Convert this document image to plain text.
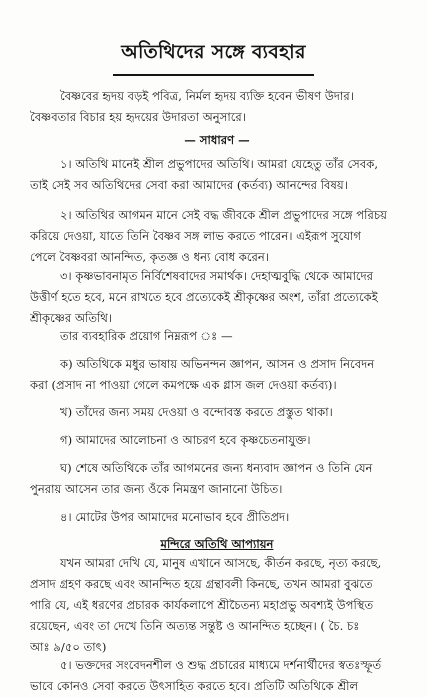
অতিথিদের সঙ্গে ব্যবহার
বৈষ্ণবের হৃদয় বড়ই পবিত্র, নির্মল হৃদয় ব্যক্তি হবেন ভীষণ উদার।
বৈষ্ণবতার বিচার হয় হৃদয়ের উদারতা অনুসারে।
— সাধারণ —
১। অতিথি মানেই শ্রীল প্রভুপাদের অতিথি। আমরা যেহেতু তাঁর সেবক,
তাই সেই সব অতিথিদের সেবা করা আমাদের (কর্তব্য) আনন্দের বিষয়।
২। অতিথির আগমন মানে সেই বদ্ধ জীবকে শ্রীল প্রভুপাদের সঙ্গে পরিচয়
করিয়ে দেওয়া, যাতে তিনি বৈষ্ণব সঙ্গ লাভ করতে পারেন। এইরূপ সুযোগ
পেলে বৈষ্ণবরা আনন্দিত, কৃতজ্ঞ ও ধন্য বোধ করেন।
৩। কৃষ্ণভাবনামৃত নির্বিশেষবাদের সমার্থক। দেহাত্মবুদ্ধি থেকে আমাদের
উত্তীর্ণ হতে হবে, মনে রাখতে হবে প্রত্যেকেই শ্রীকৃষ্ণের অংশ, তাঁরা প্রত্যেকেই
শ্রীকৃষ্ণের অতিথি।
তার ব্যবহারিক প্রয়োগ নিম্নরূপ ঃ —
ক) অতিথিকে মধুর ভাষায় অভিনন্দন জ্ঞাপন, আসন ও প্রসাদ নিবেদন
করা (প্রসাদ না পাওয়া গেলে কমপক্ষে এক গ্লাস জল দেওয়া কর্তব্য)।
খ) তাঁদের জন্য সময় দেওয়া ও বন্দোবস্ত করতে প্রস্তুত থাকা।
গ) আমাদের আলোচনা ও আচরণ হবে কৃষ্ণচেতনাযুক্ত।
ঘ) শেষে অতিথিকে তাঁর আগমনের জন্য ধন্যবাদ জ্ঞাপন ও তিনি যেন
পুনরায় আসেন তার জন্য ওঁকে নিমন্ত্রণ জানানো উচিত।
৪। মোটের উপর আমাদের মনোভাব হবে প্রীতিপ্রদ।
মন্দিরে অতিথি আপ্যায়ন
যখন আমরা দেখি যে, মানুষ এখানে আসছে, কীর্তন করছে, নৃত্য করছে,
প্রসাদ গ্রহণ করছে এবং আনন্দিত হয়ে গ্রন্থাবলী কিনছে, তখন আমরা বুঝতে
পারি যে, এই ধরণের প্রচারক কার্যকলাপে শ্রীচৈতন্য মহাপ্রভু অবশ্যই উপস্থিত
রয়েছেন, এবং তা দেখে তিনি অত্যন্ত সন্তুষ্ট ও আনন্দিত হচ্ছেন। ( চৈ. চঃ
আঃ ৯/৫০ তাৎ)
৫। ভক্তদের সংবেদনশীল ও শুদ্ধ প্রচারের মাধ্যমে দর্শনার্থীদের স্বতঃস্ফূর্ত
ভাবে কোনও সেবা করতে উৎসাহিত করতে হবে। প্রতিটি অতিথিকে শ্রীল
